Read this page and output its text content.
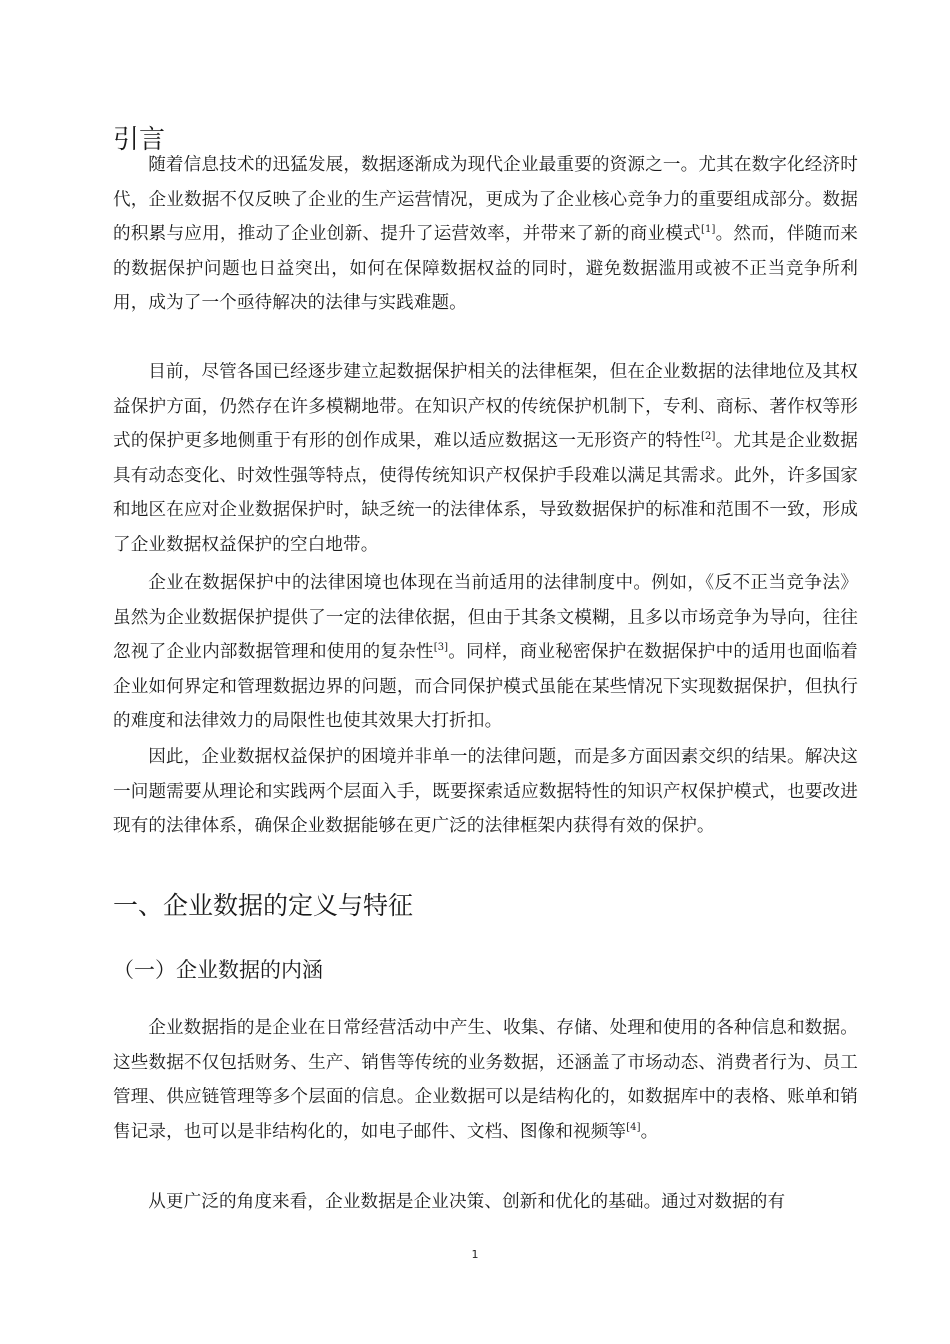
引言

随着信息技术的迅猛发展，数据逐渐成为现代企业最重要的资源之一。尤其在数字化经济时代，企业数据不仅反映了企业的生产运营情况，更成为了企业核心竞争力的重要组成部分。数据的积累与应用，推动了企业创新、提升了运营效率，并带来了新的商业模式[1]。然而，伴随而来的数据保护问题也日益突出，如何在保障数据权益的同时，避免数据滥用或被不正当竞争所利用，成为了一个亟待解决的法律与实践难题。

目前，尽管各国已经逐步建立起数据保护相关的法律框架，但在企业数据的法律地位及其权益保护方面，仍然存在许多模糊地带。在知识产权的传统保护机制下，专利、商标、著作权等形式的保护更多地侧重于有形的创作成果，难以适应数据这一无形资产的特性[2]。尤其是企业数据具有动态变化、时效性强等特点，使得传统知识产权保护手段难以满足其需求。此外，许多国家和地区在应对企业数据保护时，缺乏统一的法律体系，导致数据保护的标准和范围不一致，形成了企业数据权益保护的空白地带。

企业在数据保护中的法律困境也体现在当前适用的法律制度中。例如，《反不正当竞争法》虽然为企业数据保护提供了一定的法律依据，但由于其条文模糊，且多以市场竞争为导向，往往忽视了企业内部数据管理和使用的复杂性[3]。同样，商业秘密保护在数据保护中的适用也面临着企业如何界定和管理数据边界的问题，而合同保护模式虽能在某些情况下实现数据保护，但执行的难度和法律效力的局限性也使其效果大打折扣。

因此，企业数据权益保护的困境并非单一的法律问题，而是多方面因素交织的结果。解决这一问题需要从理论和实践两个层面入手，既要探索适应数据特性的知识产权保护模式，也要改进现有的法律体系，确保企业数据能够在更广泛的法律框架内获得有效的保护。

一、企业数据的定义与特征
（一）企业数据的内涵

企业数据指的是企业在日常经营活动中产生、收集、存储、处理和使用的各种信息和数据。这些数据不仅包括财务、生产、销售等传统的业务数据，还涵盖了市场动态、消费者行为、员工管理、供应链管理等多个层面的信息。企业数据可以是结构化的，如数据库中的表格、账单和销售记录，也可以是非结构化的，如电子邮件、文档、图像和视频等[4]。

从更广泛的角度来看，企业数据是企业决策、创新和优化的基础。通过对数据的有

1
